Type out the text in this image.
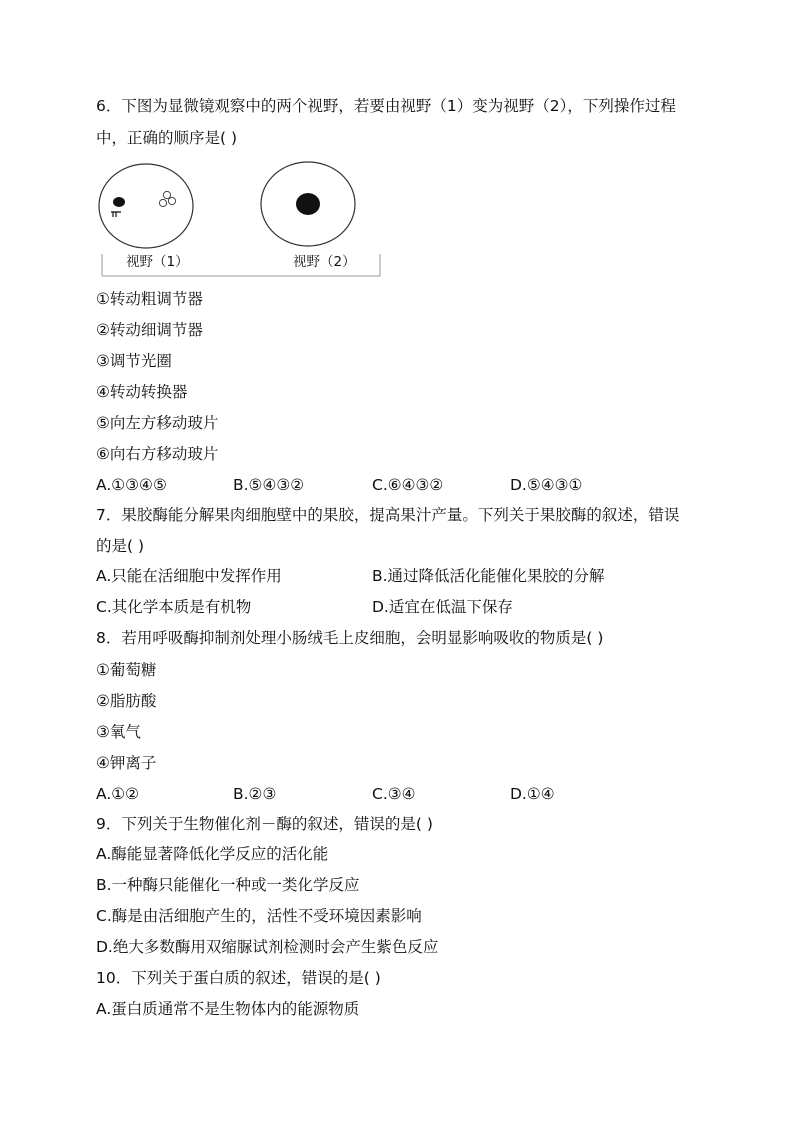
6．下图为显微镜观察中的两个视野，若要由视野（1）变为视野（2），下列操作过程
中，正确的顺序是( )
视野（1）	视野（2）
①转动粗调节器
②转动细调节器
③调节光圈
④转动转换器
⑤向左方移动玻片
⑥向右方移动玻片
A.①③④⑤	B.⑤④③②	C.⑥④③②	D.⑤④③①
7．果胶酶能分解果肉细胞壁中的果胶，提高果汁产量。下列关于果胶酶的叙述，错误
的是( )
A.只能在活细胞中发挥作用	B.通过降低活化能催化果胶的分解
C.其化学本质是有机物	D.适宜在低温下保存
8．若用呼吸酶抑制剂处理小肠绒毛上皮细胞，会明显影响吸收的物质是( )
①葡萄糖
②脂肪酸
③氧气
④钾离子
A.①②	B.②③	C.③④	D.①④
9．下列关于生物催化剂－酶的叙述，错误的是( )
A.酶能显著降低化学反应的活化能
B.一种酶只能催化一种或一类化学反应
C.酶是由活细胞产生的，活性不受环境因素影响
D.绝大多数酶用双缩脲试剂检测时会产生紫色反应
10．下列关于蛋白质的叙述，错误的是( )
A.蛋白质通常不是生物体内的能源物质
